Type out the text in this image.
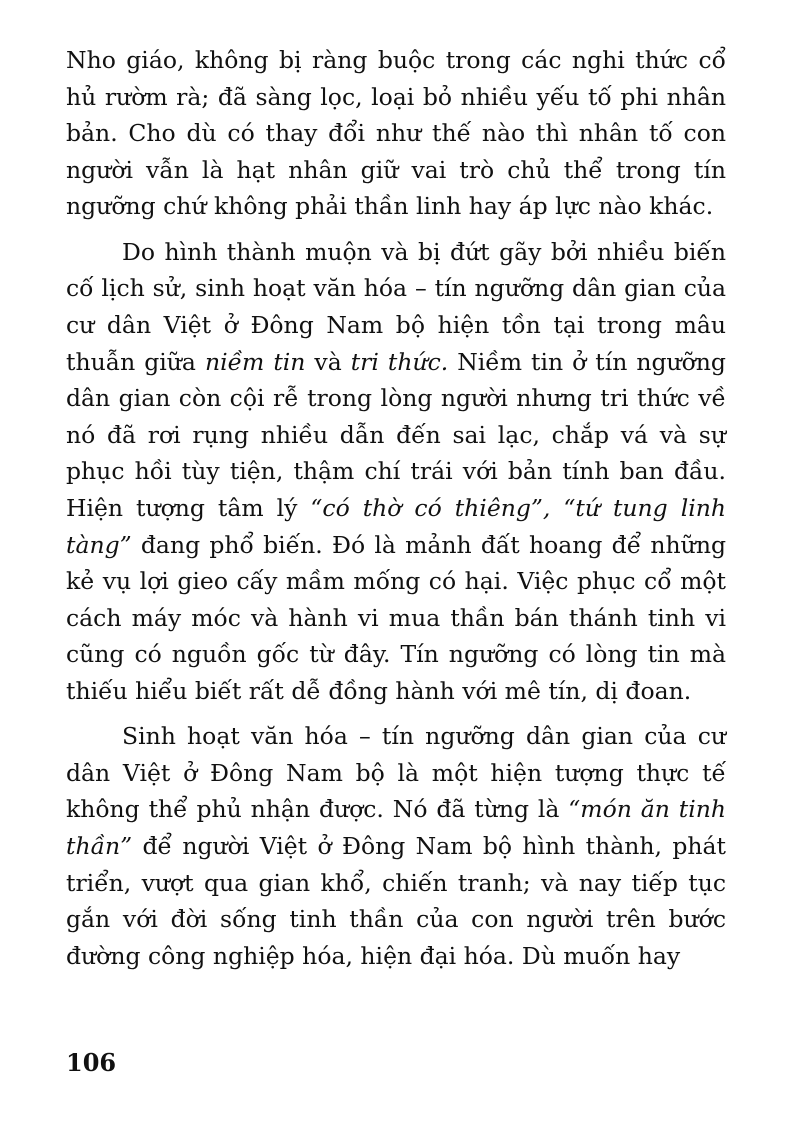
Nho giáo, không bị ràng buộc trong các nghi thức cổ hủ rườm rà; đã sàng lọc, loại bỏ nhiều yếu tố phi nhân bản. Cho dù có thay đổi như thế nào thì nhân tố con người vẫn là hạt nhân giữ vai trò chủ thể trong tín ngưỡng chứ không phải thần linh hay áp lực nào khác.

Do hình thành muộn và bị đứt gãy bởi nhiều biến cố lịch sử, sinh hoạt văn hóa – tín ngưỡng dân gian của cư dân Việt ở Đông Nam bộ hiện tồn tại trong mâu thuẫn giữa niềm tin và tri thức. Niềm tin ở tín ngưỡng dân gian còn cội rễ trong lòng người nhưng tri thức về nó đã rơi rụng nhiều dẫn đến sai lạc, chắp vá và sự phục hồi tùy tiện, thậm chí trái với bản tính ban đầu. Hiện tượng tâm lý “có thờ có thiêng”, “tứ tung linh tàng” đang phổ biến. Đó là mảnh đất hoang để những kẻ vụ lợi gieo cấy mầm mống có hại. Việc phục cổ một cách máy móc và hành vi mua thần bán thánh tinh vi cũng có nguồn gốc từ đây. Tín ngưỡng có lòng tin mà thiếu hiểu biết rất dễ đồng hành với mê tín, dị đoan.

Sinh hoạt văn hóa – tín ngưỡng dân gian của cư dân Việt ở Đông Nam bộ là một hiện tượng thực tế không thể phủ nhận được. Nó đã từng là “món ăn tinh thần” để người Việt ở Đông Nam bộ hình thành, phát triển, vượt qua gian khổ, chiến tranh; và nay tiếp tục gắn với đời sống tinh thần của con người trên bước đường công nghiệp hóa, hiện đại hóa. Dù muốn hay

106
